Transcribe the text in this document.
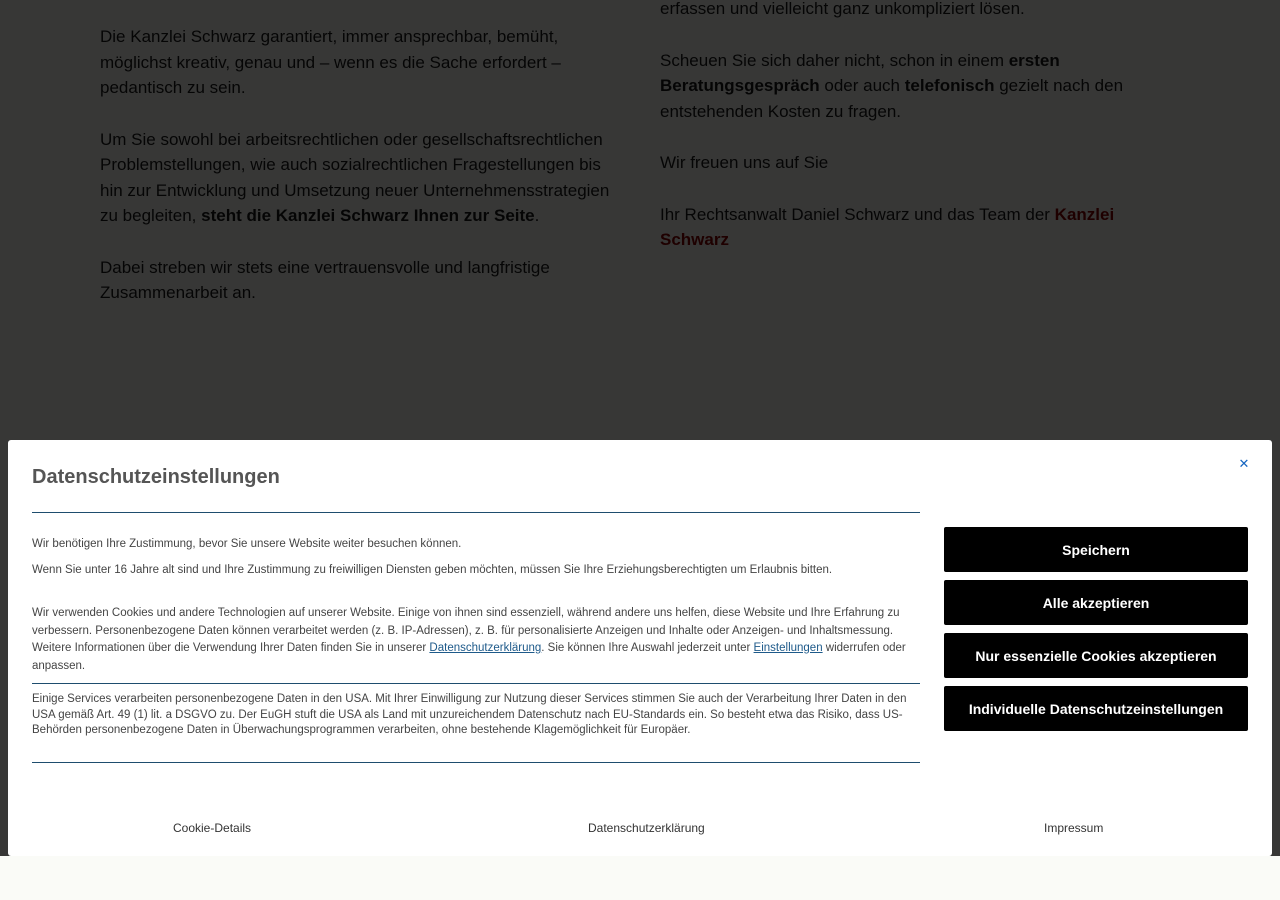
Datenschutzeinstellungen
✕

Wir benötigen Ihre Zustimmung, bevor Sie unsere Website weiter besuchen können.

Wenn Sie unter 16 Jahre alt sind und Ihre Zustimmung zu freiwilligen Diensten geben möchten, müssen Sie Ihre Erziehungsberechtigten um Erlaubnis bitten.

Wir verwenden Cookies und andere Technologien auf unserer Website. Einige von ihnen sind essenziell, während andere uns helfen, diese Website und Ihre Erfahrung zu verbessern. Personenbezogene Daten können verarbeitet werden (z. B. IP-Adressen), z. B. für personalisierte Anzeigen und Inhalte oder Anzeigen- und Inhaltsmessung. Weitere Informationen über die Verwendung Ihrer Daten finden Sie in unserer Datenschutzerklärung. Sie können Ihre Auswahl jederzeit unter Einstellungen widerrufen oder anpassen.

Einige Services verarbeiten personenbezogene Daten in den USA. Mit Ihrer Einwilligung zur Nutzung dieser Services stimmen Sie auch der Verarbeitung Ihrer Daten in den USA gemäß Art. 49 (1) lit. a DSGVO zu. Der EuGH stuft die USA als Land mit unzureichendem Datenschutz nach EU-Standards ein. So besteht etwa das Risiko, dass US-Behörden personenbezogene Daten in Überwachungsprogrammen verarbeiten, ohne bestehende Klagemöglichkeit für Europäer.

Speichern
Alle akzeptieren
Nur essenzielle Cookies akzeptieren
Individuelle Datenschutzeinstellungen
Cookie-Details	Datenschutzerklärung	Impressum
